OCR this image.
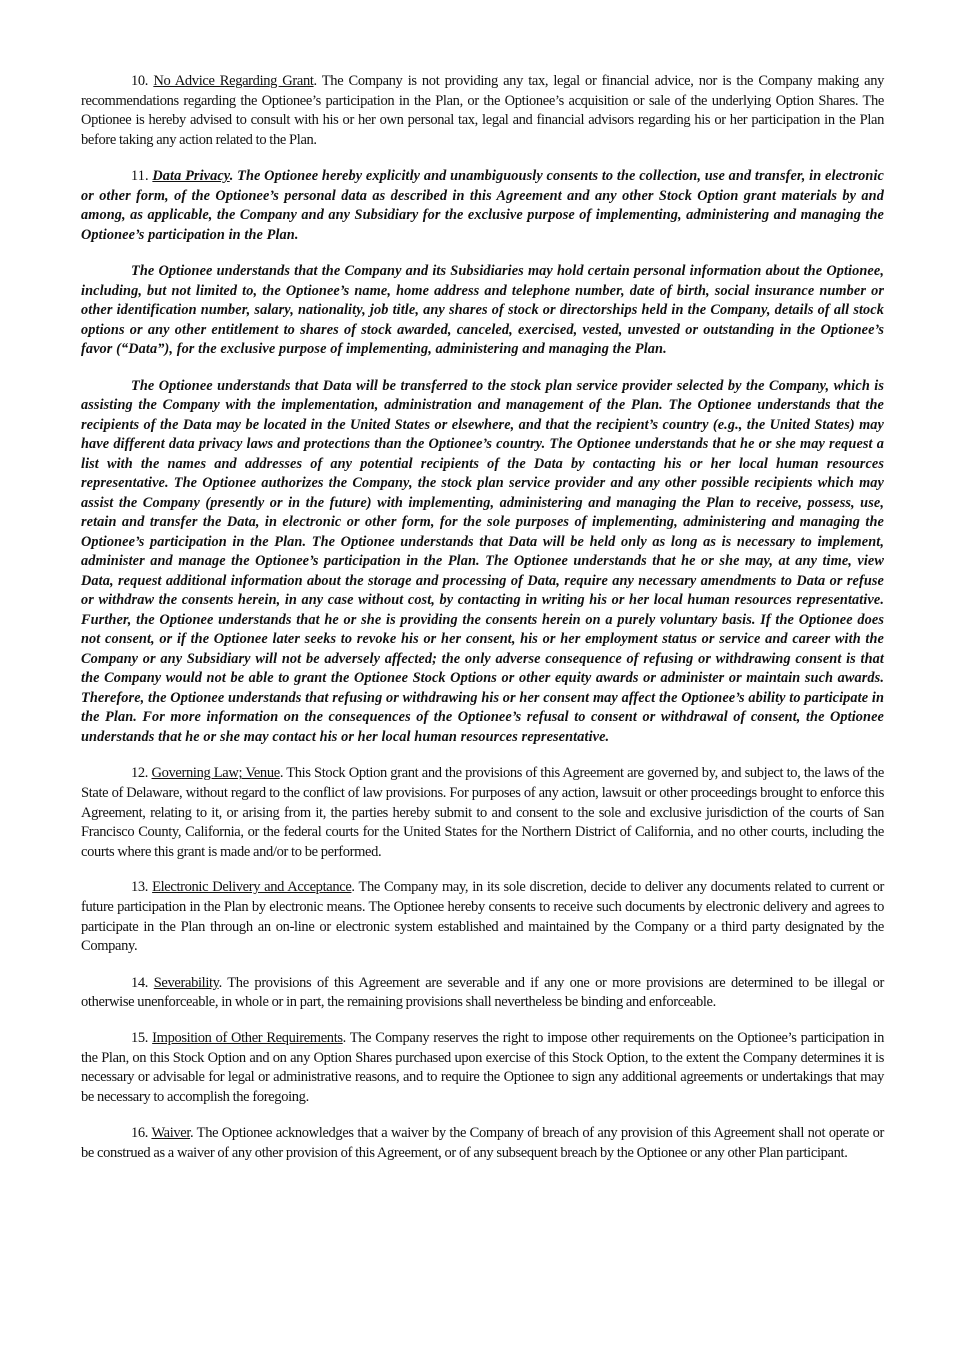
10. No Advice Regarding Grant. The Company is not providing any tax, legal or financial advice, nor is the Company making any recommendations regarding the Optionee’s participation in the Plan, or the Optionee’s acquisition or sale of the underlying Option Shares. The Optionee is hereby advised to consult with his or her own personal tax, legal and financial advisors regarding his or her participation in the Plan before taking any action related to the Plan.

11. Data Privacy. The Optionee hereby explicitly and unambiguously consents to the collection, use and transfer, in electronic or other form, of the Optionee’s personal data as described in this Agreement and any other Stock Option grant materials by and among, as applicable, the Company and any Subsidiary for the exclusive purpose of implementing, administering and managing the Optionee’s participation in the Plan.

The Optionee understands that the Company and its Subsidiaries may hold certain personal information about the Optionee, including, but not limited to, the Optionee’s name, home address and telephone number, date of birth, social insurance number or other identification number, salary, nationality, job title, any shares of stock or directorships held in the Company, details of all stock options or any other entitlement to shares of stock awarded, canceled, exercised, vested, unvested or outstanding in the Optionee’s favor (“Data”), for the exclusive purpose of implementing, administering and managing the Plan.

The Optionee understands that Data will be transferred to the stock plan service provider selected by the Company, which is assisting the Company with the implementation, administration and management of the Plan. The Optionee understands that the recipients of the Data may be located in the United States or elsewhere, and that the recipient’s country (e.g., the United States) may have different data privacy laws and protections than the Optionee’s country. The Optionee understands that he or she may request a list with the names and addresses of any potential recipients of the Data by contacting his or her local human resources representative. The Optionee authorizes the Company, the stock plan service provider and any other possible recipients which may assist the Company (presently or in the future) with implementing, administering and managing the Plan to receive, possess, use, retain and transfer the Data, in electronic or other form, for the sole purposes of implementing, administering and managing the Optionee’s participation in the Plan. The Optionee understands that Data will be held only as long as is necessary to implement, administer and manage the Optionee’s participation in the Plan. The Optionee understands that he or she may, at any time, view Data, request additional information about the storage and processing of Data, require any necessary amendments to Data or refuse or withdraw the consents herein, in any case without cost, by contacting in writing his or her local human resources representative. Further, the Optionee understands that he or she is providing the consents herein on a purely voluntary basis. If the Optionee does not consent, or if the Optionee later seeks to revoke his or her consent, his or her employment status or service and career with the Company or any Subsidiary will not be adversely affected; the only adverse consequence of refusing or withdrawing consent is that the Company would not be able to grant the Optionee Stock Options or other equity awards or administer or maintain such awards. Therefore, the Optionee understands that refusing or withdrawing his or her consent may affect the Optionee’s ability to participate in the Plan. For more information on the consequences of the Optionee’s refusal to consent or withdrawal of consent, the Optionee understands that he or she may contact his or her local human resources representative.

12. Governing Law; Venue. This Stock Option grant and the provisions of this Agreement are governed by, and subject to, the laws of the State of Delaware, without regard to the conflict of law provisions. For purposes of any action, lawsuit or other proceedings brought to enforce this Agreement, relating to it, or arising from it, the parties hereby submit to and consent to the sole and exclusive jurisdiction of the courts of San Francisco County, California, or the federal courts for the United States for the Northern District of California, and no other courts, including the courts where this grant is made and/or to be performed.

13. Electronic Delivery and Acceptance. The Company may, in its sole discretion, decide to deliver any documents related to current or future participation in the Plan by electronic means. The Optionee hereby consents to receive such documents by electronic delivery and agrees to participate in the Plan through an on-line or electronic system established and maintained by the Company or a third party designated by the Company.

14. Severability. The provisions of this Agreement are severable and if any one or more provisions are determined to be illegal or otherwise unenforceable, in whole or in part, the remaining provisions shall nevertheless be binding and enforceable.

15. Imposition of Other Requirements. The Company reserves the right to impose other requirements on the Optionee’s participation in the Plan, on this Stock Option and on any Option Shares purchased upon exercise of this Stock Option, to the extent the Company determines it is necessary or advisable for legal or administrative reasons, and to require the Optionee to sign any additional agreements or undertakings that may be necessary to accomplish the foregoing.

16. Waiver. The Optionee acknowledges that a waiver by the Company of breach of any provision of this Agreement shall not operate or be construed as a waiver of any other provision of this Agreement, or of any subsequent breach by the Optionee or any other Plan participant.
